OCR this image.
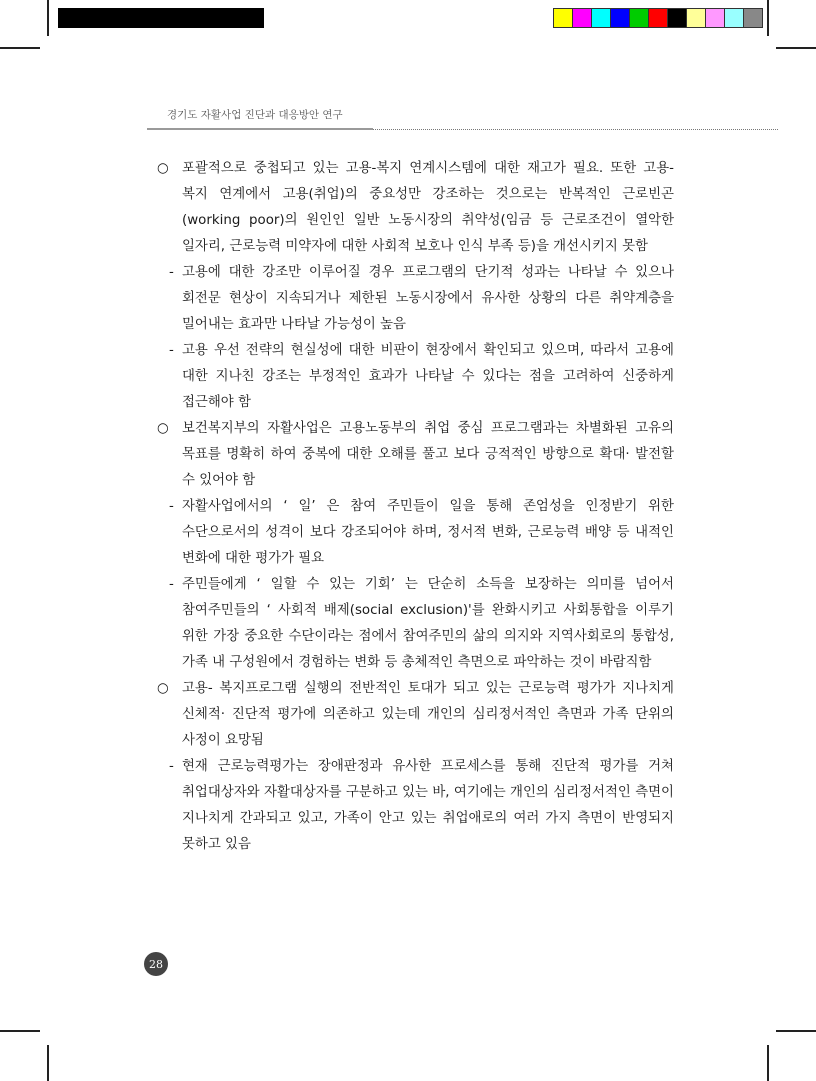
경기도 자활사업 진단과 대응방안 연구
○ 포괄적으로 중첩되고 있는 고용-복지 연계시스템에 대한 재고가 필요. 또한 고용-복지 연계에서 고용(취업)의 중요성만 강조하는 것으로는 반복적인 근로빈곤(working poor)의 원인인 일반 노동시장의 취약성(임금 등 근로조건이 열악한 일자리, 근로능력 미약자에 대한 사회적 보호나 인식 부족 등)을 개선시키지 못함
- 고용에 대한 강조만 이루어질 경우 프로그램의 단기적 성과는 나타날 수 있으나 회전문 현상이 지속되거나 제한된 노동시장에서 유사한 상황의 다른 취약계층을 밀어내는 효과만 나타날 가능성이 높음
- 고용 우선 전략의 현실성에 대한 비판이 현장에서 확인되고 있으며, 따라서 고용에 대한 지나친 강조는 부정적인 효과가 나타날 수 있다는 점을 고려하여 신중하게 접근해야 함
○ 보건복지부의 자활사업은 고용노동부의 취업 중심 프로그램과는 차별화된 고유의 목표를 명확히 하여 중복에 대한 오해를 풀고 보다 긍적적인 방향으로 확대· 발전할 수 있어야 함
- 자활사업에서의 ‘ 일’ 은 참여 주민들이 일을 통해 존엄성을 인정받기 위한 수단으로서의 성격이 보다 강조되어야 하며, 정서적 변화, 근로능력 배양 등 내적인 변화에 대한 평가가 필요
- 주민들에게 ‘ 일할 수 있는 기회’ 는 단순히 소득을 보장하는 의미를 넘어서 참여주민들의 ‘ 사회적 배제(social exclusion)'를 완화시키고 사회통합을 이루기 위한 가장 중요한 수단이라는 점에서 참여주민의 삶의 의지와 지역사회로의 통합성, 가족 내 구성원에서 경험하는 변화 등 총체적인 측면으로 파악하는 것이 바람직함
○ 고용- 복지프로그램 실행의 전반적인 토대가 되고 있는 근로능력 평가가 지나치게 신체적· 진단적 평가에 의존하고 있는데 개인의 심리정서적인 측면과 가족 단위의 사정이 요망됨
- 현재 근로능력평가는 장애판정과 유사한 프로세스를 통해 진단적 평가를 거쳐 취업대상자와 자활대상자를 구분하고 있는 바, 여기에는 개인의 심리정서적인 측면이 지나치게 간과되고 있고, 가족이 안고 있는 취업애로의 여러 가지 측면이 반영되지 못하고 있음
28
